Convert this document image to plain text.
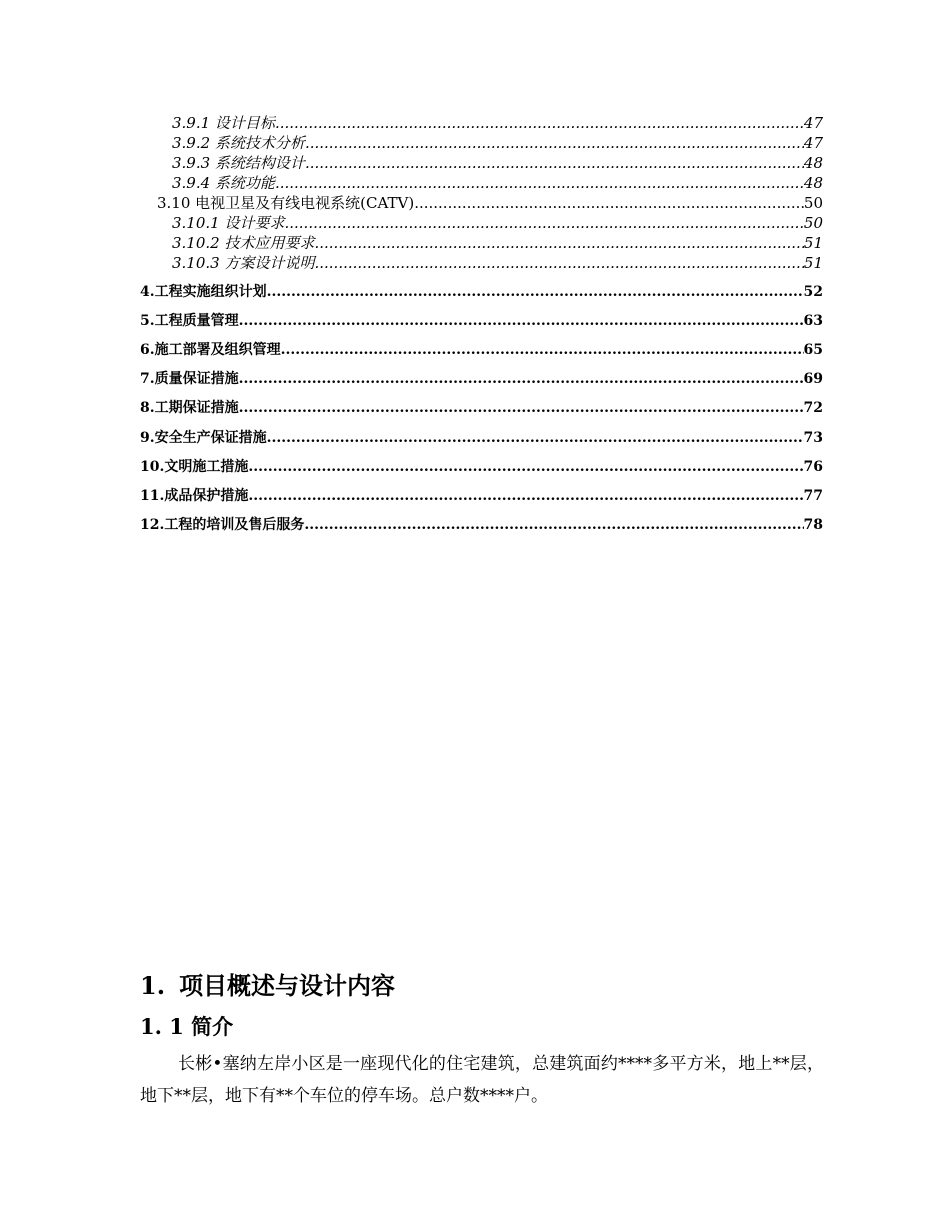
3.9.1 设计目标 .....	47
3.9.2 系统技术分析 .....	47
3.9.3 系统结构设计 .....	48
3.9.4 系统功能 .....	48
3.10 电视卫星及有线电视系统(CATV) .....	50
3.10.1 设计要求 .....	50
3.10.2 技术应用要求 .....	51
3.10.3 方案设计说明 .....	51
4.工程实施组织计划 .....	52
5.工程质量管理 .....	63
6.施工部署及组织管理 .....	65
7.质量保证措施 .....	69
8.工期保证措施 .....	72
9.安全生产保证措施 .....	73
10.文明施工措施 .....	76
11.成品保护措施 .....	77
12.工程的培训及售后服务 .....	78
1. 项目概述与设计内容
1. 1 简介

长彬•塞纳左岸小区是一座现代化的住宅建筑，总建筑面约****多平方米，地上**层，地下**层，地下有**个车位的停车场。总户数****户。
